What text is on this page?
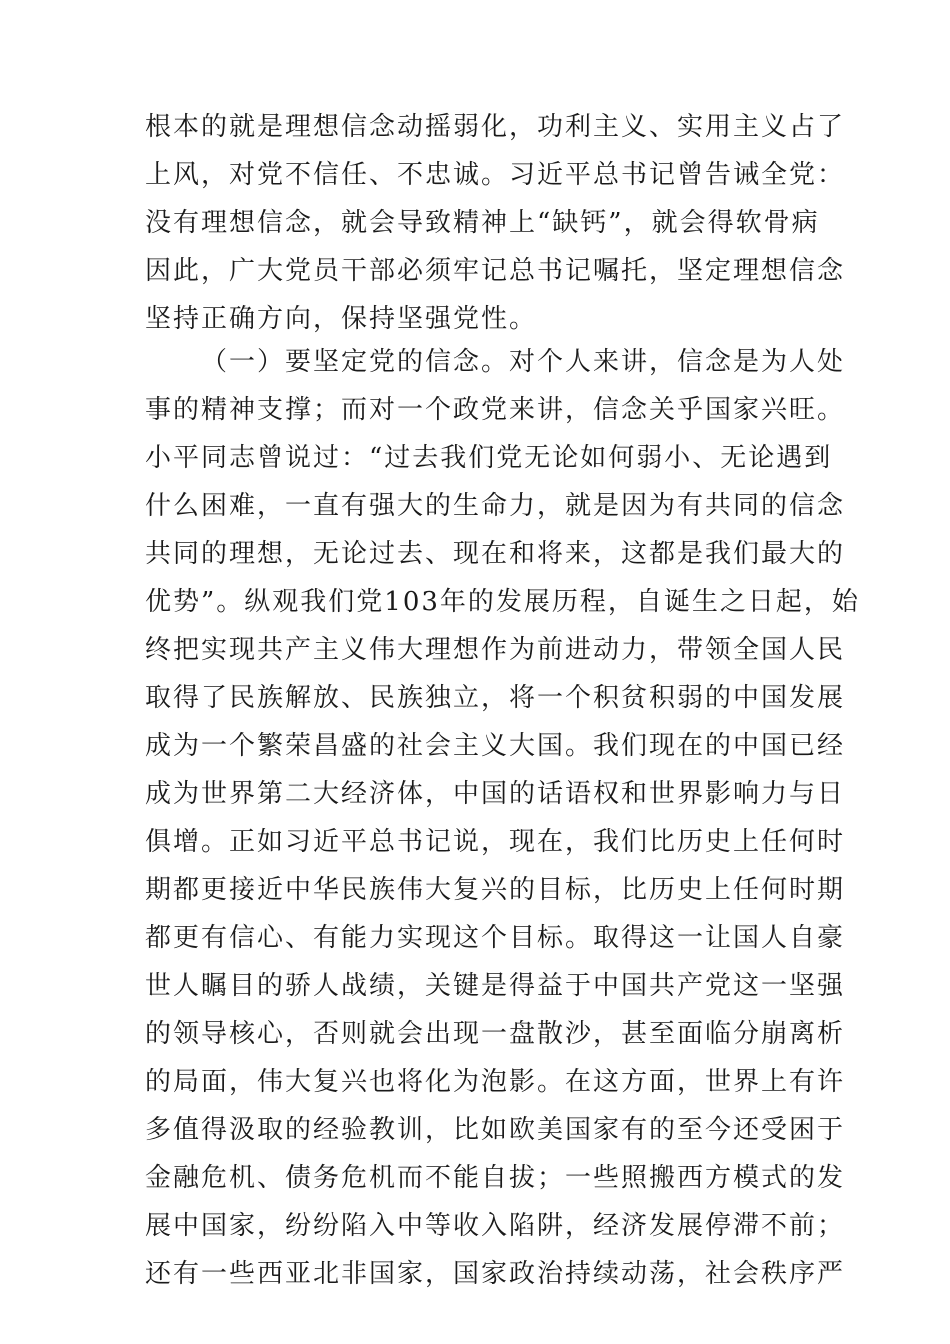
根本的就是理想信念动摇弱化，功利主义、实用主义占了
上风，对党不信任、不忠诚。习近平总书记曾告诫全党：
没有理想信念，就会导致精神上“缺钙”，就会得软骨病
因此，广大党员干部必须牢记总书记嘱托，坚定理想信念
坚持正确方向，保持坚强党性。
（一）要坚定党的信念。对个人来讲，信念是为人处
事的精神支撑；而对一个政党来讲，信念关乎国家兴旺。
小平同志曾说过：“过去我们党无论如何弱小、无论遇到
什么困难，一直有强大的生命力，就是因为有共同的信念
共同的理想，无论过去、现在和将来，这都是我们最大的
优势”。纵观我们党103年的发展历程，自诞生之日起，始
终把实现共产主义伟大理想作为前进动力，带领全国人民
取得了民族解放、民族独立，将一个积贫积弱的中国发展
成为一个繁荣昌盛的社会主义大国。我们现在的中国已经
成为世界第二大经济体，中国的话语权和世界影响力与日
俱增。正如习近平总书记说，现在，我们比历史上任何时
期都更接近中华民族伟大复兴的目标，比历史上任何时期
都更有信心、有能力实现这个目标。取得这一让国人自豪
世人瞩目的骄人战绩，关键是得益于中国共产党这一坚强
的领导核心，否则就会出现一盘散沙，甚至面临分崩离析
的局面，伟大复兴也将化为泡影。在这方面，世界上有许
多值得汲取的经验教训，比如欧美国家有的至今还受困于
金融危机、债务危机而不能自拔；一些照搬西方模式的发
展中国家，纷纷陷入中等收入陷阱，经济发展停滞不前；
还有一些西亚北非国家，国家政治持续动荡，社会秩序严
